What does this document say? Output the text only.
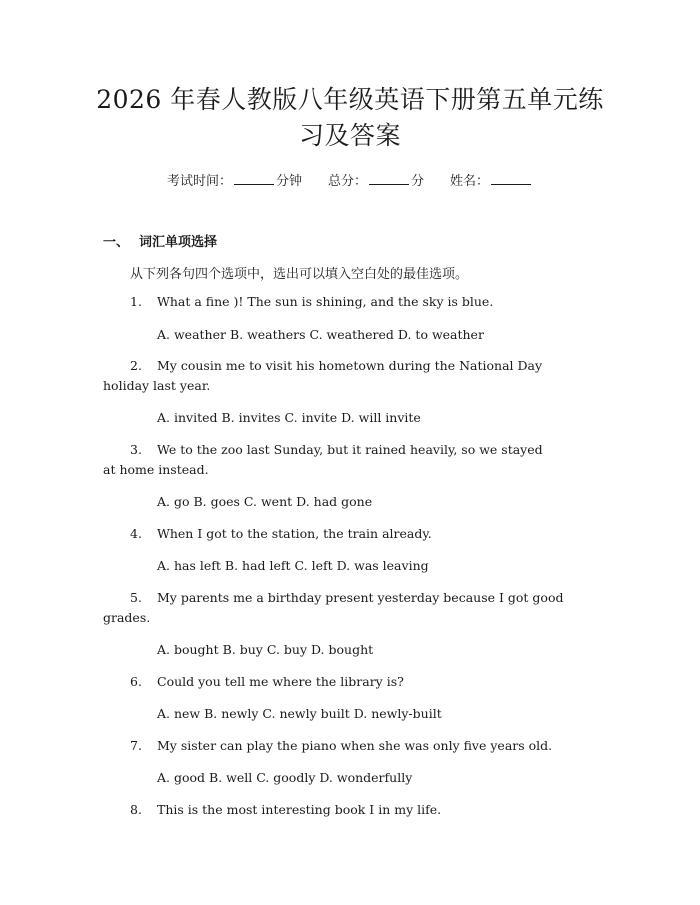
2026 年春人教版八年级英语下册第五单元练
习及答案
考试时间：	分钟 总分：	分 姓名：
一、 词汇单项选择
从下列各句四个选项中，选出可以填入空白处的最佳选项。
1. What a fine )! The sun is shining, and the sky is blue.
A. weather B. weathers C. weathered D. to weather
2. My cousin me to visit his hometown during the National Day
holiday last year.
A. invited B. invites C. invite D. will invite
3. We to the zoo last Sunday, but it rained heavily, so we stayed
at home instead.
A. go B. goes C. went D. had gone
4. When I got to the station, the train already.
A. has left B. had left C. left D. was leaving
5. My parents me a birthday present yesterday because I got good
grades.
A. bought B. buy C. buy D. bought
6. Could you tell me where the library is?
A. new B. newly C. newly built D. newly-built
7. My sister can play the piano when she was only five years old.
A. good B. well C. goodly D. wonderfully
8. This is the most interesting book I in my life.
